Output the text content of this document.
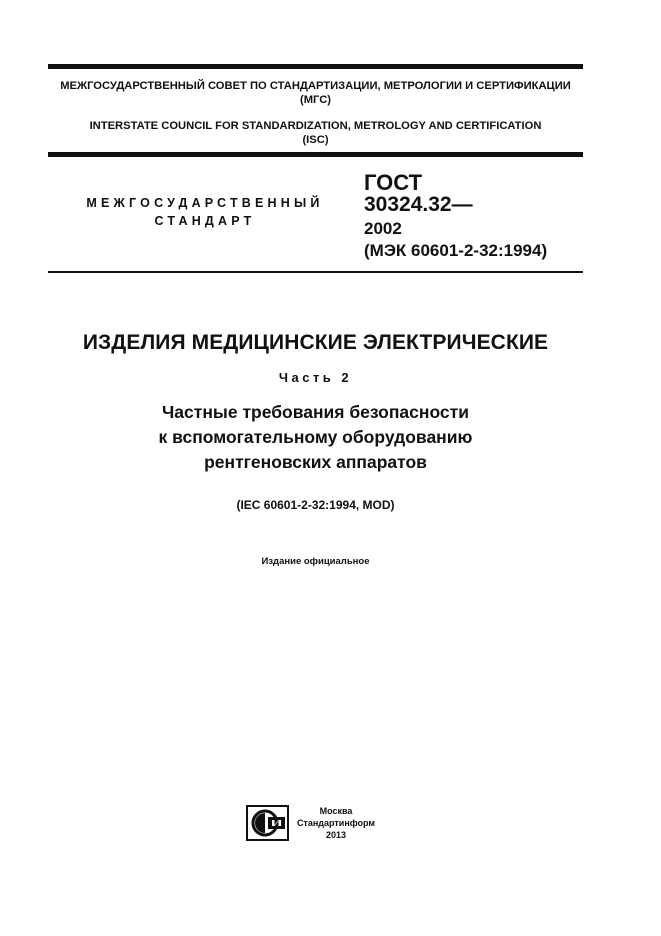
МЕЖГОСУДАРСТВЕННЫЙ СОВЕТ ПО СТАНДАРТИЗАЦИИ, МЕТРОЛОГИИ И СЕРТИФИКАЦИИ
(МГС)
INTERSTATE COUNCIL FOR STANDARDIZATION, METROLOGY AND CERTIFICATION
(ISC)
МЕЖГОСУДАРСТВЕННЫЙ
СТАНДАРТ
ГОСТ
30324.32—
2002
(МЭК 60601-2-32:1994)
ИЗДЕЛИЯ МЕДИЦИНСКИЕ ЭЛЕКТРИЧЕСКИЕ
Часть 2
Частные требования безопасности
к вспомогательному оборудованию
рентгеновских аппаратов
(IEC 60601-2-32:1994, MOD)
Издание официальное
Москва
Стандартинформ
2013
